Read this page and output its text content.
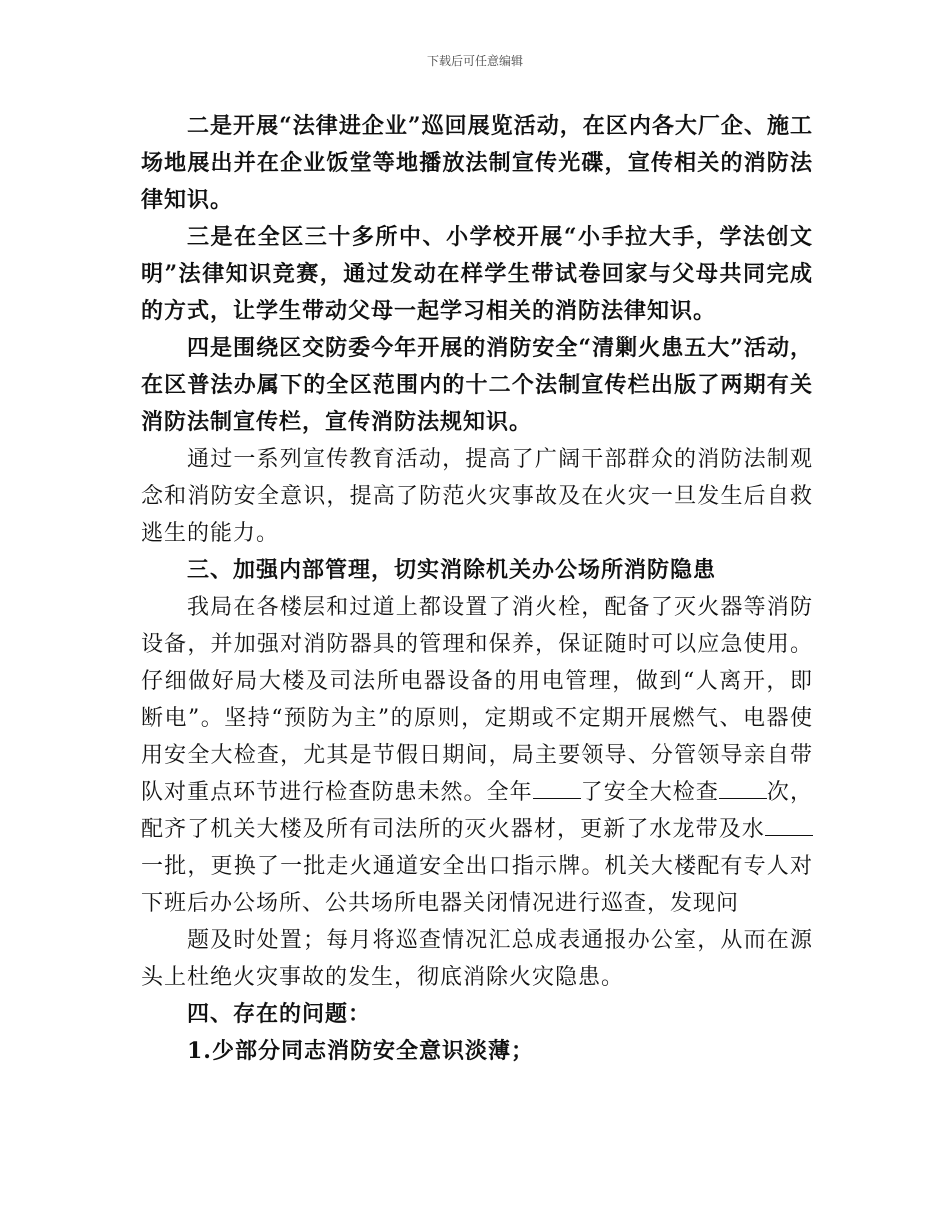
下载后可任意编辑

二是开展“法律进企业”巡回展览活动，在区内各大厂企、施工场地展出并在企业饭堂等地播放法制宣传光碟，宣传相关的消防法律知识。

三是在全区三十多所中、小学校开展“小手拉大手，学法创文明”法律知识竞赛，通过发动在样学生带试卷回家与父母共同完成的方式，让学生带动父母一起学习相关的消防法律知识。

四是围绕区交防委今年开展的消防安全“清剿火患五大”活动，在区普法办属下的全区范围内的十二个法制宣传栏出版了两期有关消防法制宣传栏，宣传消防法规知识。

通过一系列宣传教育活动，提高了广阔干部群众的消防法制观念和消防安全意识，提高了防范火灾事故及在火灾一旦发生后自救逃生的能力。

三、加强内部管理，切实消除机关办公场所消防隐患

我局在各楼层和过道上都设置了消火栓，配备了灭火器等消防设备，并加强对消防器具的管理和保养，保证随时可以应急使用。仔细做好局大楼及司法所电器设备的用电管理，做到“人离开，即断电”。坚持“预防为主”的原则，定期或不定期开展燃气、电器使用安全大检查，尤其是节假日期间，局主要领导、分管领导亲自带队对重点环节进行检查防患未然。全年 了安全大检查 次，配齐了机关大楼及所有司法所的灭火器材，更新了水龙带及水一批，更换了一批走火通道安全出口指示牌。机关大楼配有专人对下班后办公场所、公共场所电器关闭情况进行巡查，发现问

题及时处置；每月将巡查情况汇总成表通报办公室，从而在源头上杜绝火灾事故的发生，彻底消除火灾隐患。

四、存在的问题：

1.少部分同志消防安全意识淡薄；
